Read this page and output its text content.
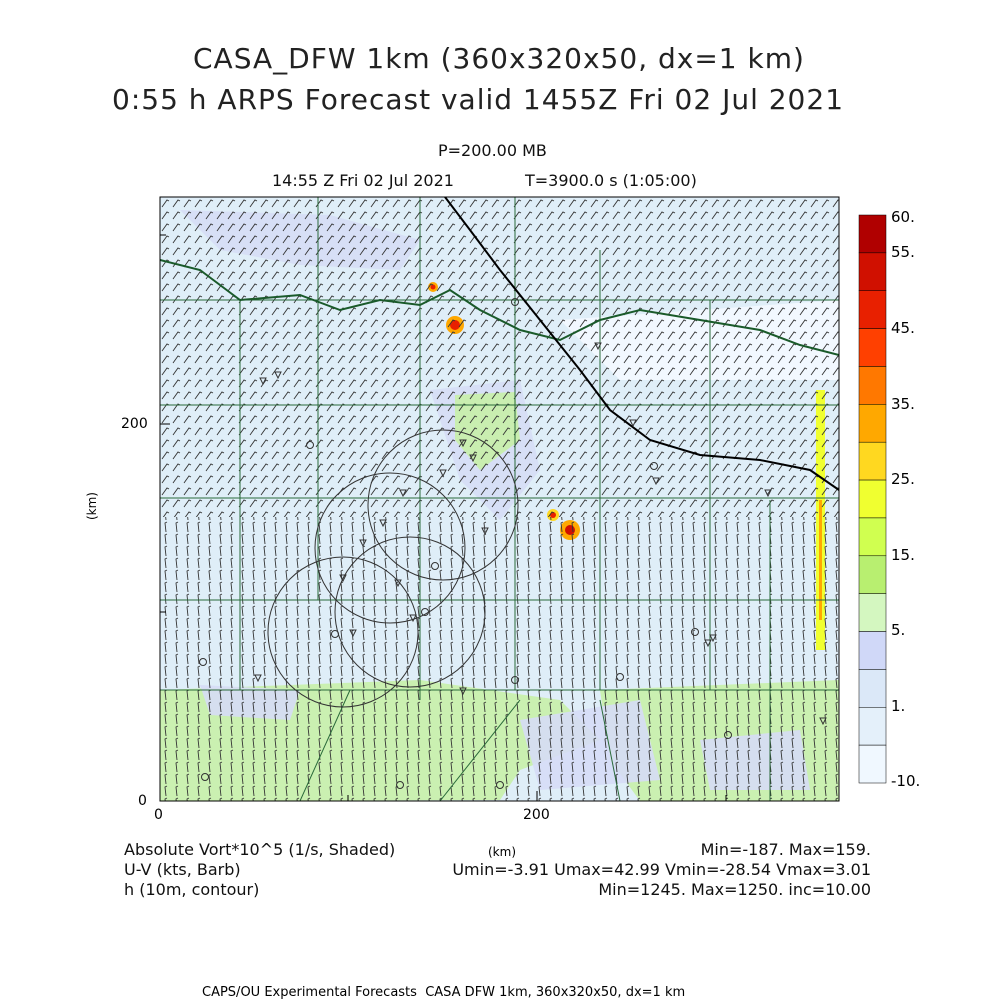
CASA_DFW 1km (360x320x50, dx=1 km)
0:55 h ARPS Forecast valid 1455Z Fri 02 Jul 2021
P=200.00 MB
14:55 Z Fri 02 Jul 2021	T=3900.0 s (1:05:00)
200
0
0	200
(km)
60.
55.
45.
35.
25.
15.
5.
1.
-10.
Absolute Vort*10^5 (1/s, Shaded)
U-V (kts, Barb)
h (10m, contour)
(km)	Min=-187. Max=159.
Umin=-3.91 Umax=42.99 Vmin=-28.54 Vmax=3.01
Min=1245. Max=1250. inc=10.00
CAPS/OU Experimental Forecasts  CASA DFW 1km, 360x320x50, dx=1 km
